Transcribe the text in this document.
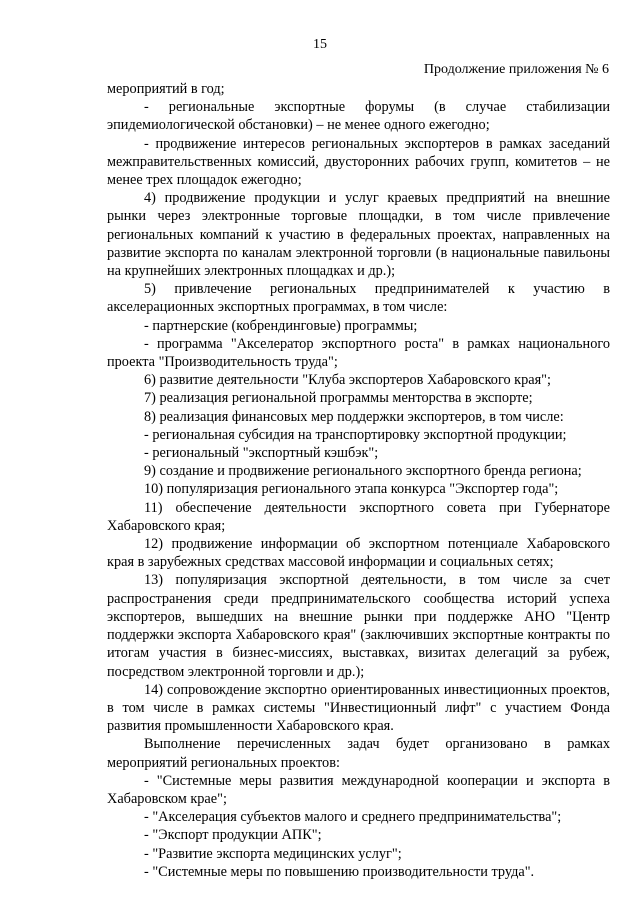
15
Продолжение приложения № 6

мероприятий в год;

- региональные экспортные форумы (в случае стабилизации эпидемиологической обстановки) – не менее одного ежегодно;

- продвижение интересов региональных экспортеров в рамках заседаний межправительственных комиссий, двусторонних рабочих групп, комитетов – не менее трех площадок ежегодно;

4) продвижение продукции и услуг краевых предприятий на внешние рынки через электронные торговые площадки, в том числе привлечение региональных компаний к участию в федеральных проектах, направленных на развитие экспорта по каналам электронной торговли (в национальные павильоны на крупнейших электронных площадках и др.);

5) привлечение региональных предпринимателей к участию в акселерационных экспортных программах, в том числе:

- партнерские (кобрендинговые) программы;

- программа "Акселератор экспортного роста" в рамках национального проекта "Производительность труда";

6) развитие деятельности "Клуба экспортеров Хабаровского края";

7) реализация региональной программы менторства в экспорте;

8) реализация финансовых мер поддержки экспортеров, в том числе:

- региональная субсидия на транспортировку экспортной продукции;

- региональный "экспортный кэшбэк";

9) создание и продвижение регионального экспортного бренда региона;

10) популяризация регионального этапа конкурса "Экспортер года";

11) обеспечение деятельности экспортного совета при Губернаторе Хабаровского края;

12) продвижение информации об экспортном потенциале Хабаровского края в зарубежных средствах массовой информации и социальных сетях;

13) популяризация экспортной деятельности, в том числе за счет распространения среди предпринимательского сообщества историй успеха экспортеров, вышедших на внешние рынки при поддержке АНО "Центр поддержки экспорта Хабаровского края" (заключивших экспортные контракты по итогам участия в бизнес-миссиях, выставках, визитах делегаций за рубеж, посредством электронной торговли и др.);

14) сопровождение экспортно ориентированных инвестиционных проектов, в том числе в рамках системы "Инвестиционный лифт" с участием Фонда развития промышленности Хабаровского края.

Выполнение перечисленных задач будет организовано в рамках мероприятий региональных проектов:

- "Системные меры развития международной кооперации и экспорта в Хабаровском крае";

- "Акселерация субъектов малого и среднего предпринимательства";

- "Экспорт продукции АПК";

- "Развитие экспорта медицинских услуг";

- "Системные меры по повышению производительности труда".
